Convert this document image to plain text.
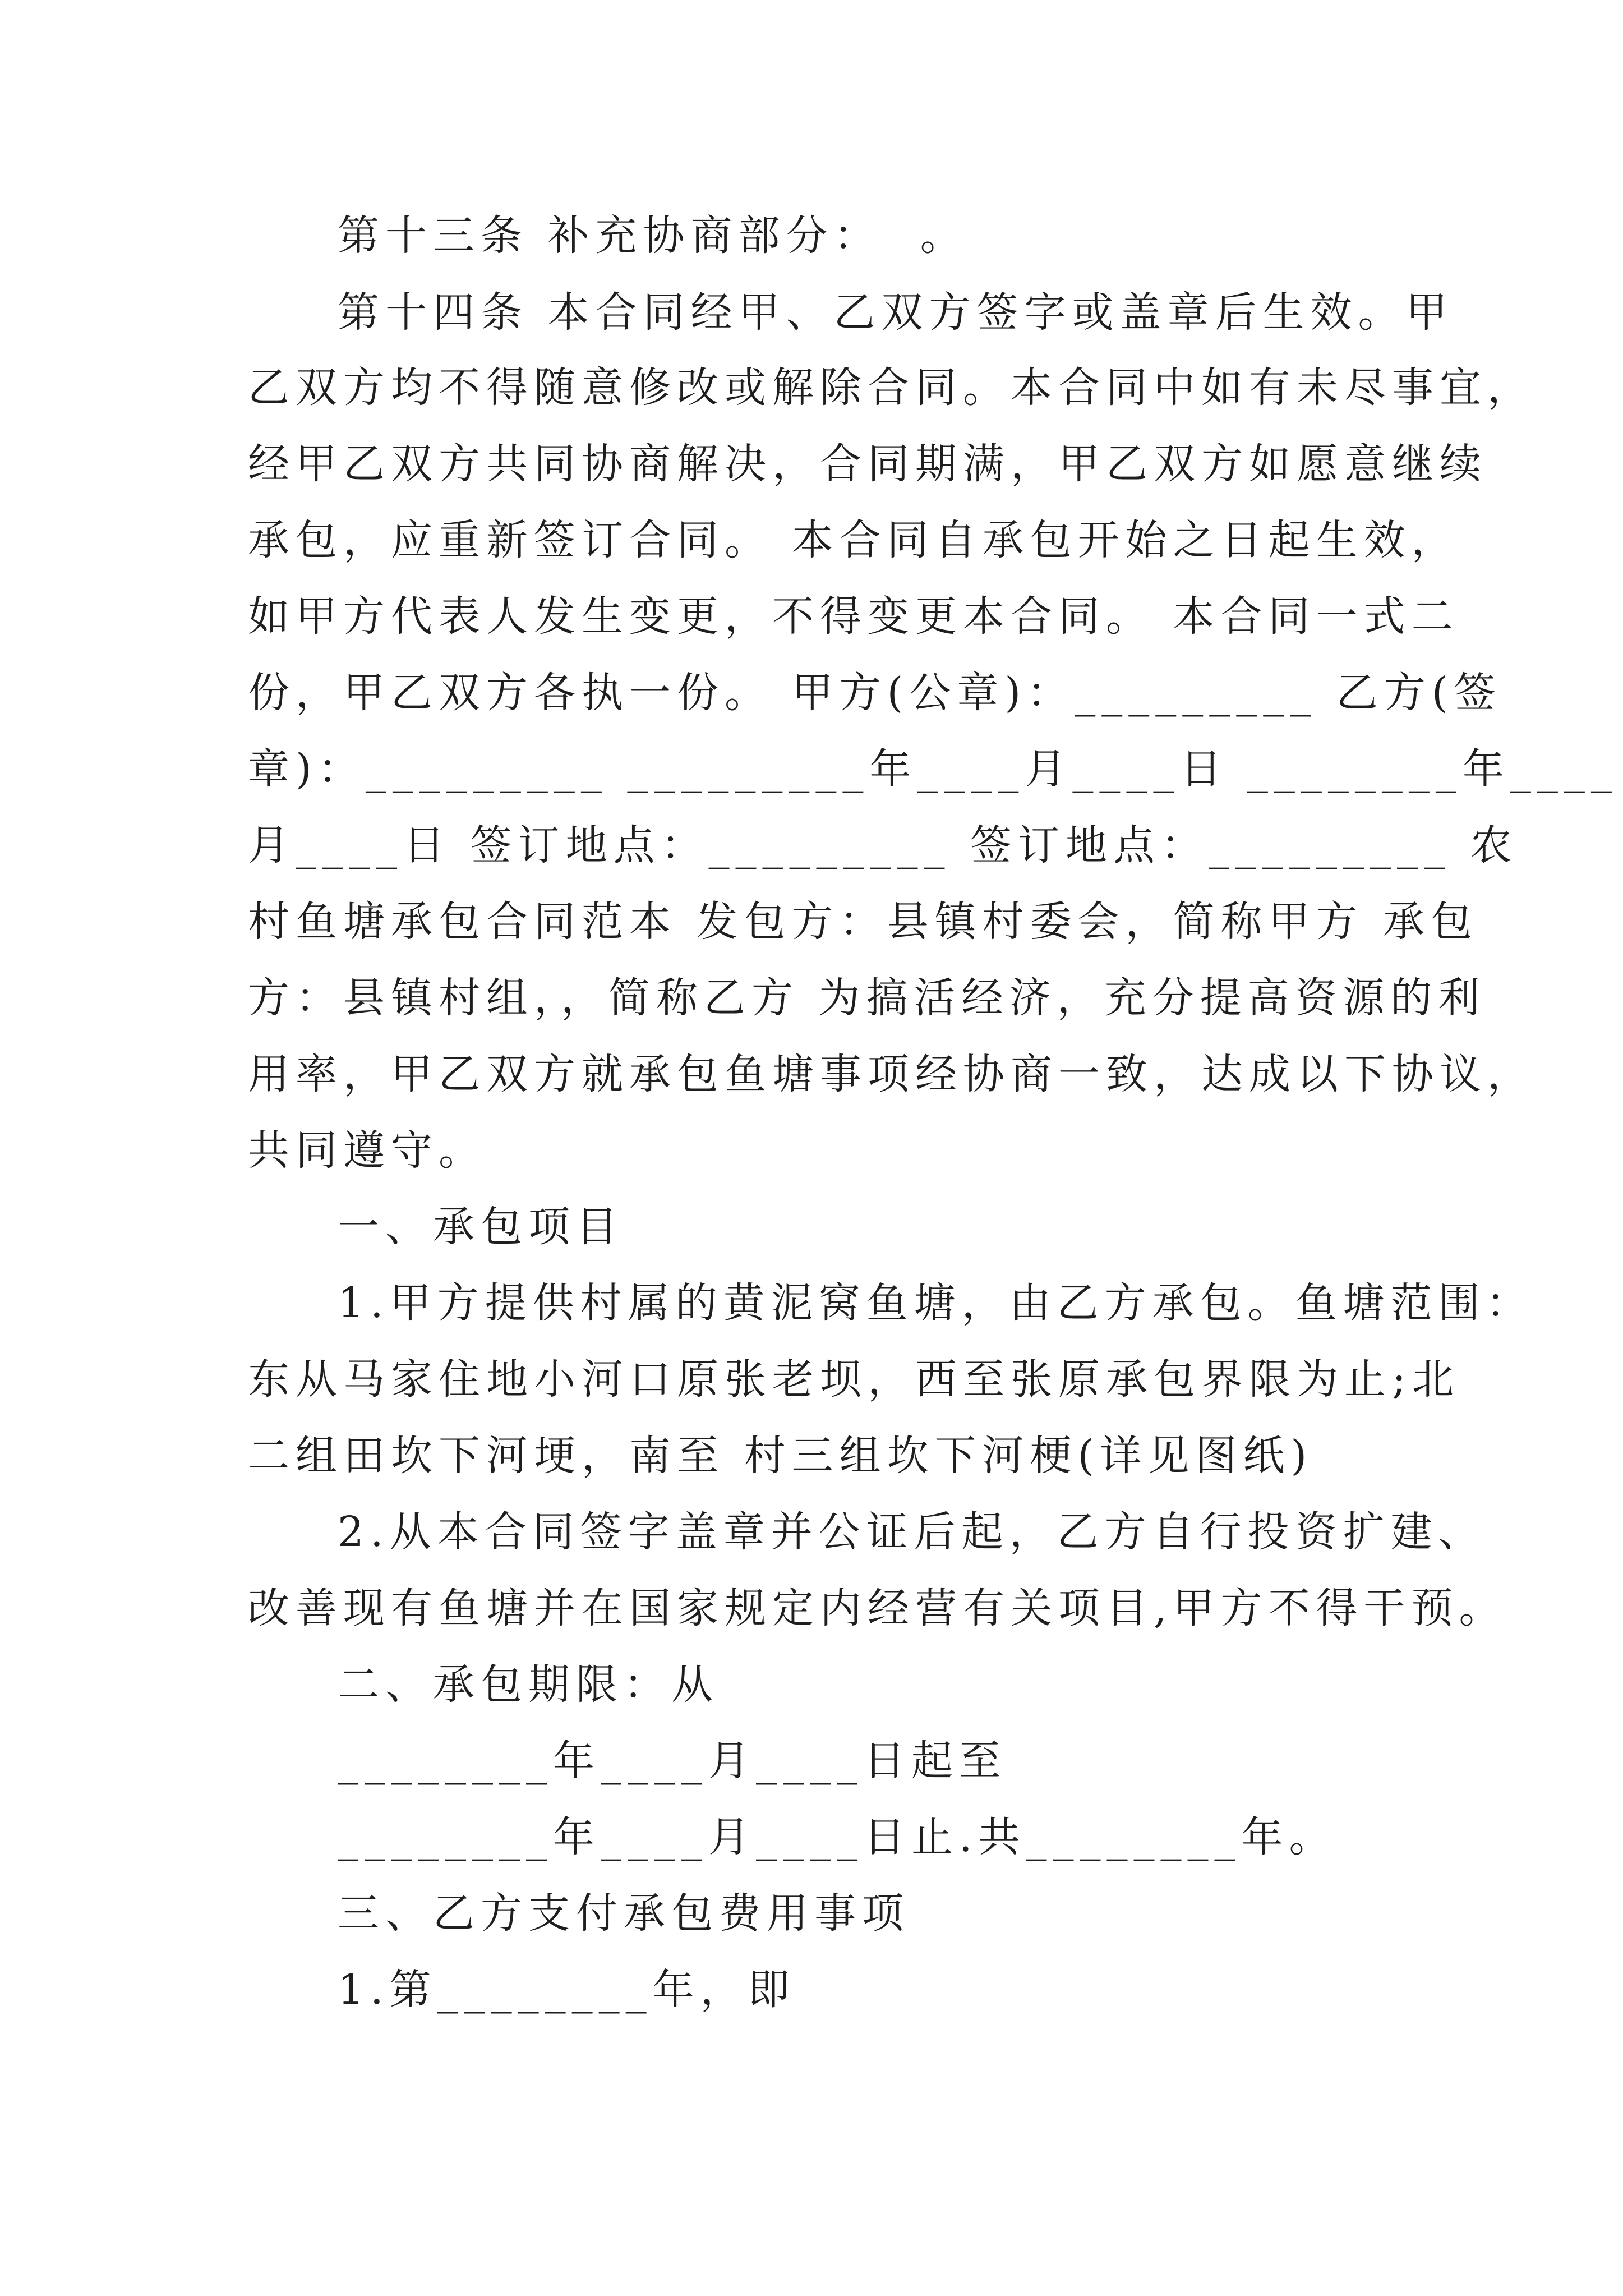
第十三条 补充协商部分：  。
第十四条 本合同经甲、乙双方签字或盖章后生效。甲
乙双方均不得随意修改或解除合同。本合同中如有未尽事宜，
经甲乙双方共同协商解决，合同期满，甲乙双方如愿意继续
承包，应重新签订合同。 本合同自承包开始之日起生效，
如甲方代表人发生变更，不得变更本合同。 本合同一式二
份，甲乙双方各执一份。 甲方(公章)：_________ 乙方(签
章)：_________ _________年____月____日 ________年____
月____日 签订地点：_________ 签订地点：_________ 农
村鱼塘承包合同范本 发包方：县镇村委会，简称甲方 承包
方：县镇村组，，简称乙方 为搞活经济，充分提高资源的利
用率，甲乙双方就承包鱼塘事项经协商一致，达成以下协议，
共同遵守。
一、承包项目
1.甲方提供村属的黄泥窝鱼塘，由乙方承包。鱼塘范围：
东从马家住地小河口原张老坝，西至张原承包界限为止;北
二组田坎下河埂，南至 村三组坎下河梗(详见图纸)
2.从本合同签字盖章并公证后起，乙方自行投资扩建、
改善现有鱼塘并在国家规定内经营有关项目,甲方不得干预。
二、承包期限：从
________年____月____日起至
________年____月____日止.共________年。
三、乙方支付承包费用事项
1.第________年，即
